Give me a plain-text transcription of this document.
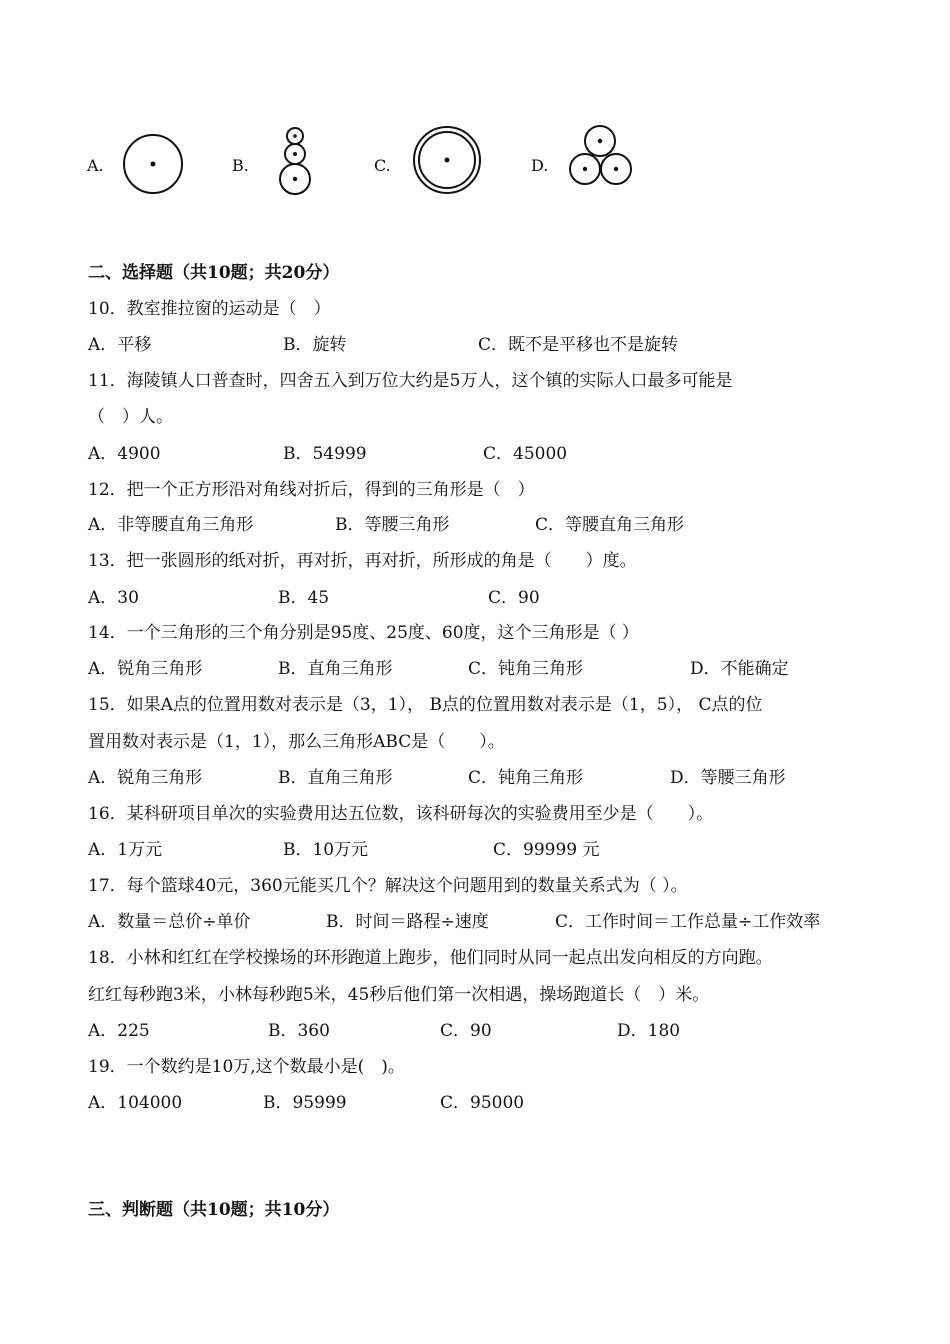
A.	B.	C.	D.
二、选择题（共10题；共20分）
10．教室推拉窗的运动是（　）
A．平移	B．旋转	C．既不是平移也不是旋转
11．海陵镇人口普查时，四舍五入到万位大约是5万人，这个镇的实际人口最多可能是
（　）人。
A．4900	B．54999	C．45000
12．把一个正方形沿对角线对折后，得到的三角形是（　）
A．非等腰直角三角形	B．等腰三角形	C．等腰直角三角形
13．把一张圆形的纸对折，再对折，再对折，所形成的角是（　　）度。
A．30	B．45	C．90
14．一个三角形的三个角分别是95度、25度、60度，这个三角形是（ ）
A．锐角三角形	B．直角三角形	C．钝角三角形	D．不能确定
15．如果A点的位置用数对表示是（3，1）， B点的位置用数对表示是（1，5）， C点的位
置用数对表示是（1，1），那么三角形ABC是（　　）。
A．锐角三角形	B．直角三角形	C．钝角三角形	D．等腰三角形
16．某科研项目单次的实验费用达五位数，该科研每次的实验费用至少是（　　）。
A．1万元	B．10万元	C．99999 元
17．每个篮球40元，360元能买几个？解决这个问题用到的数量关系式为（ ）。
A．数量＝总价÷单价	B．时间＝路程÷速度	C．工作时间＝工作总量÷工作效率
18．小林和红红在学校操场的环形跑道上跑步，他们同时从同一起点出发向相反的方向跑。
红红每秒跑3米，小林每秒跑5米，45秒后他们第一次相遇，操场跑道长（　）米。
A．225	B．360	C．90	D．180
19．一个数约是10万,这个数最小是(　)。
A．104000	B．95999	C．95000
三、判断题（共10题；共10分）
